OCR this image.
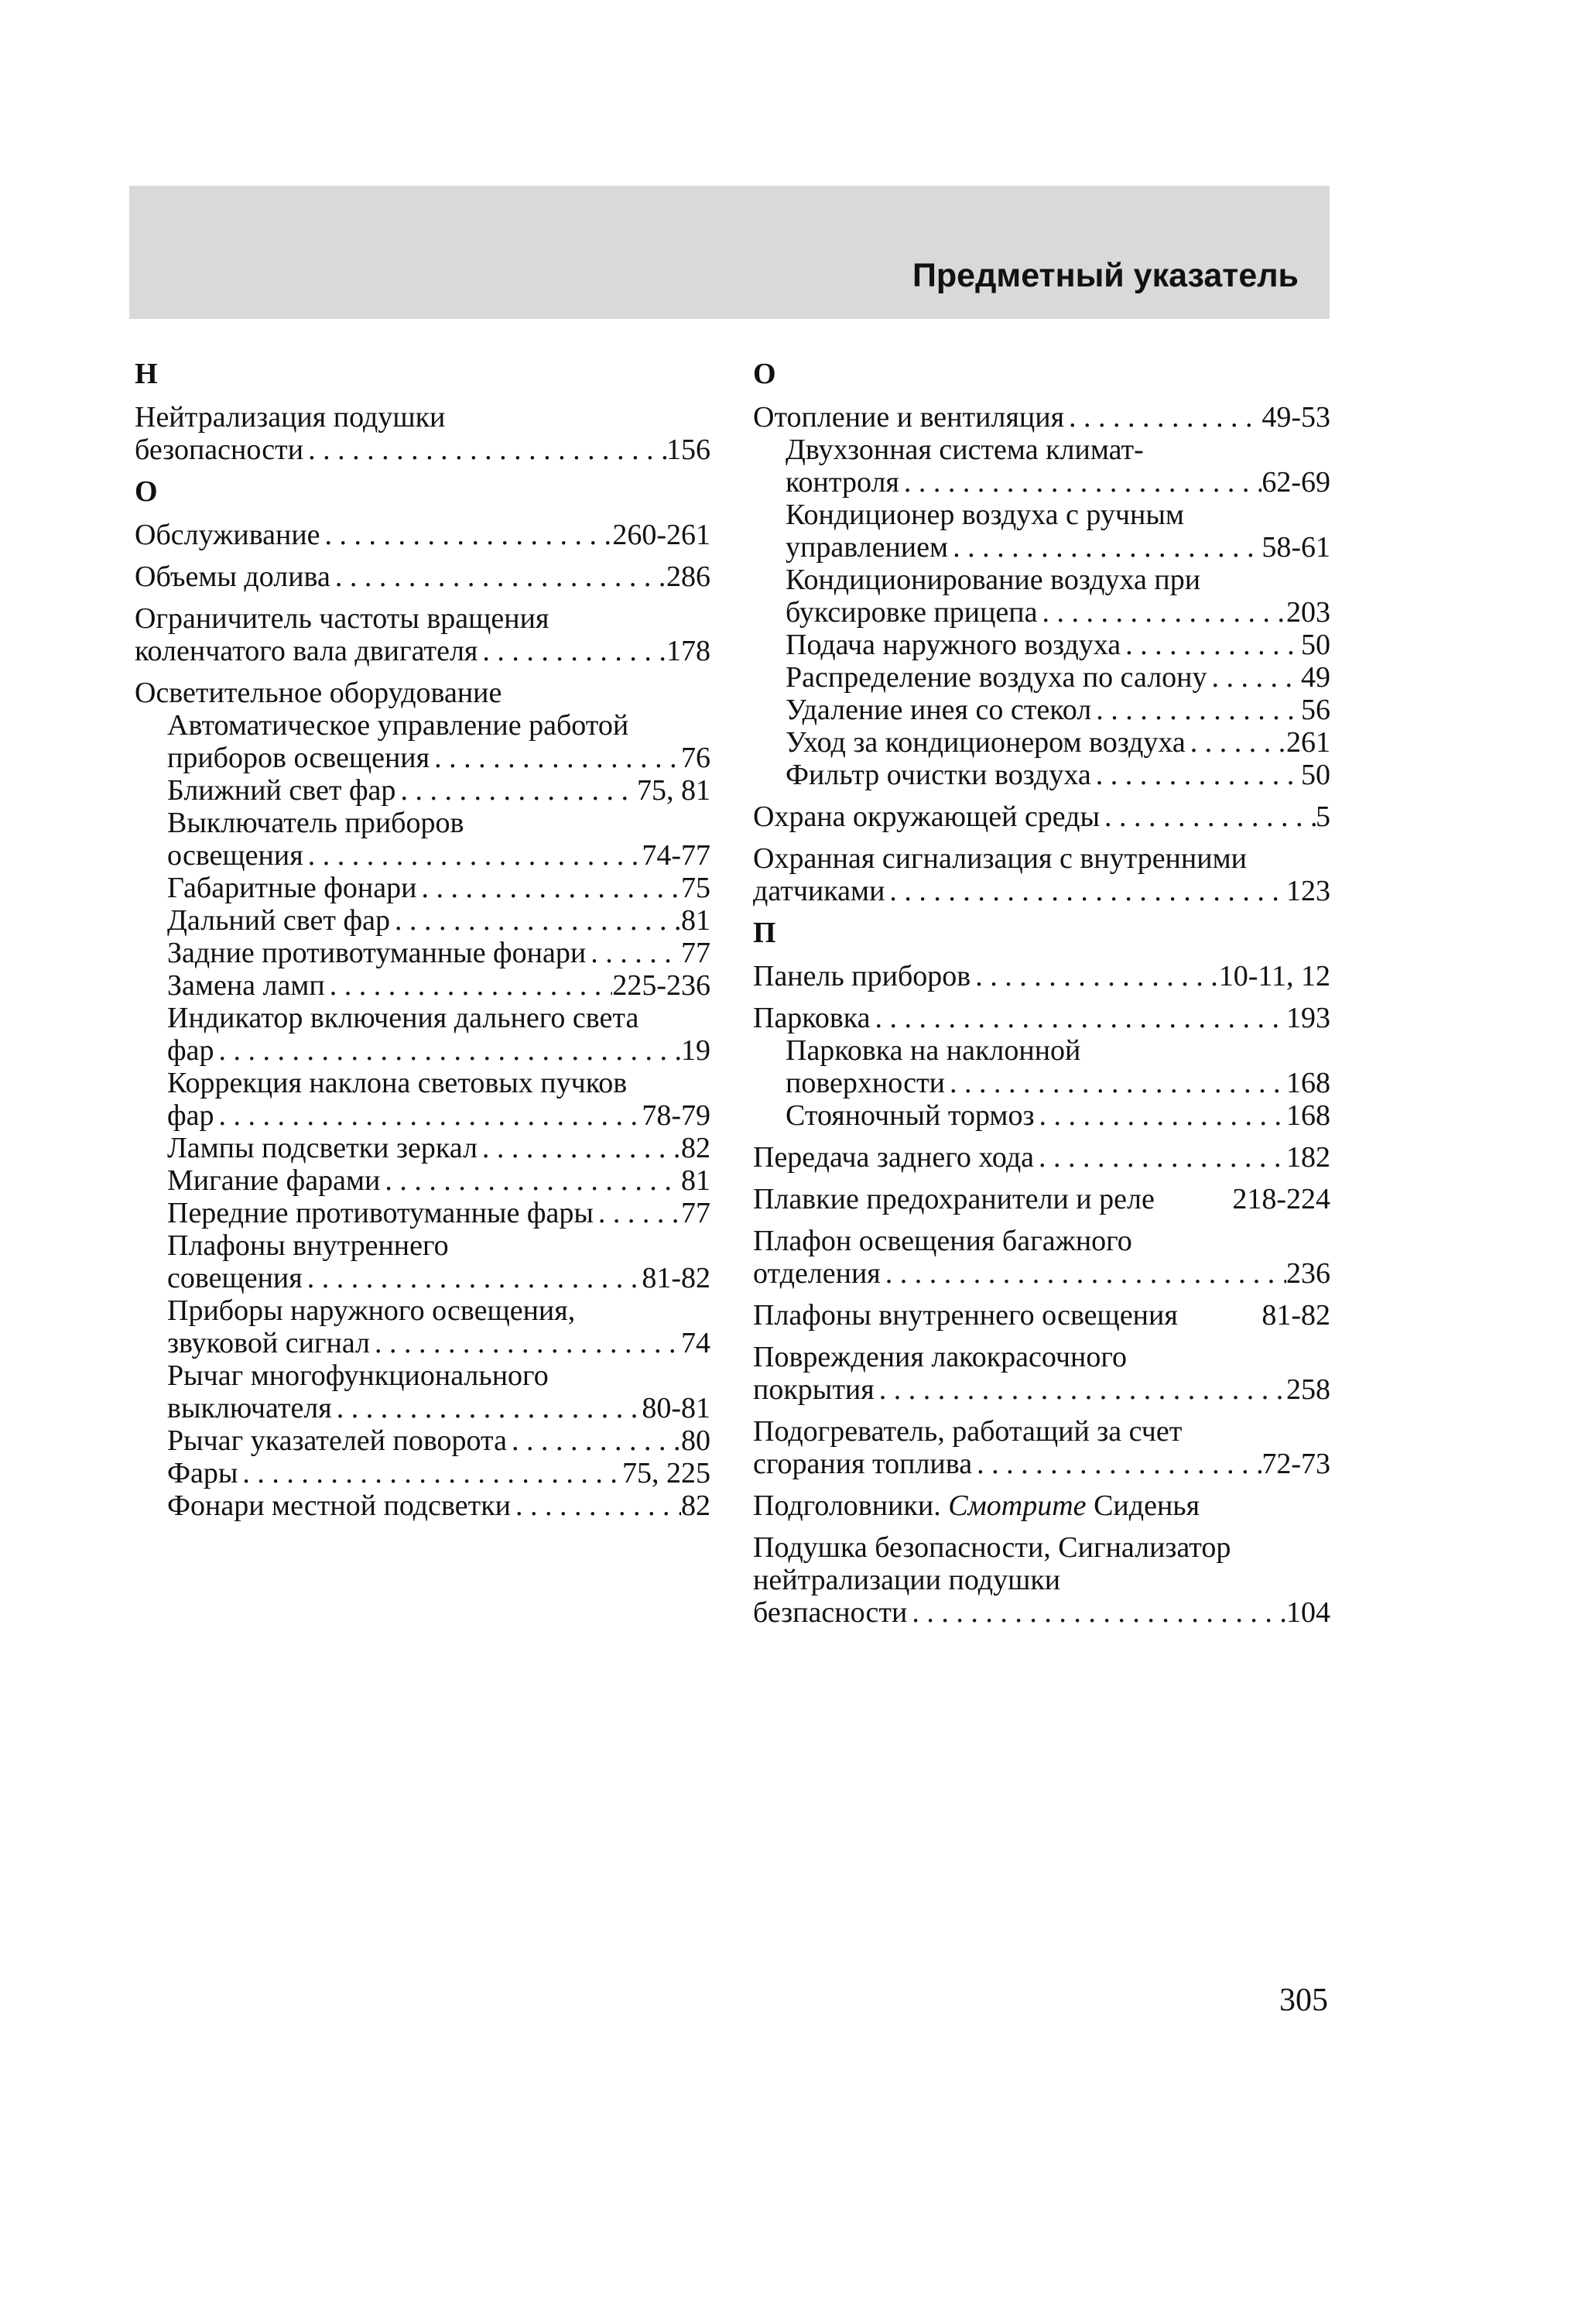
Предметный указатель
Н
Нейтрализация подушки
безопасности . . .	156
О
Обслуживание . . .	260-261
Объемы долива . . .	286
Ограничитель частоты вращения
коленчатого вала двигателя . . .	178
Осветительное оборудование
Автоматическое управление работой
приборов освещения . . .	76
Ближний свет фар . . .	75, 81
Выключатель приборов
освещения . . .	74-77
Габаритные фонари . . .	75
Дальний свет фар . . .	81
Задние противотуманные фонари . . .	77
Замена ламп . . .	225-236
Индикатор включения дальнего света
фар . . .	19
Коррекция наклона световых пучков
фар . . .	78-79
Лампы подсветки зеркал . . .	82
Мигание фарами . . .	81
Передние противотуманные фары . . .	77
Плафоны внутреннего
совещения . . .	81-82
Приборы наружного освещения,
звуковой сигнал . . .	74
Рычаг многофункционального
выключателя . . .	80-81
Рычаг указателей поворота . . .	80
Фары . . .	75, 225
Фонари местной подсветки . . .	82
О
Отопление и вентиляция . . .	49-53
Двухзонная система климат-
контроля . . .	62-69
Кондиционер воздуха с ручным
управлением . . .	58-61
Кондиционирование воздуха при
буксировке прицепа . . .	203
Подача наружного воздуха . . .	50
Распределение воздуха по салону . . .	49
Удаление инея со стекол . . .	56
Уход за кондиционером воздуха . . .	261
Фильтр очистки воздуха . . .	50
Охрана окружающей среды . . .	5
Охранная сигнализация с внутренними
датчиками . . .	123
П
Панель приборов . . .	10-11, 12
Парковка . . .	193
Парковка на наклонной
поверхности . . .	168
Стояночный тормоз . . .	168
Передача заднего хода . . .	182
Плавкие предохранители и реле	218-224
Плафон освещения багажного
отделения . . .	236
Плафоны внутреннего освещения	81-82
Повреждения лакокрасочного
покрытия . . .	258
Подогреватель, работащий за счет
сгорания топлива . . .	72-73
Подголовники. Смотрите Сиденья
Подушка безопасности, Сигнализатор
нейтрализации подушки
безпасности . . .	104
305
